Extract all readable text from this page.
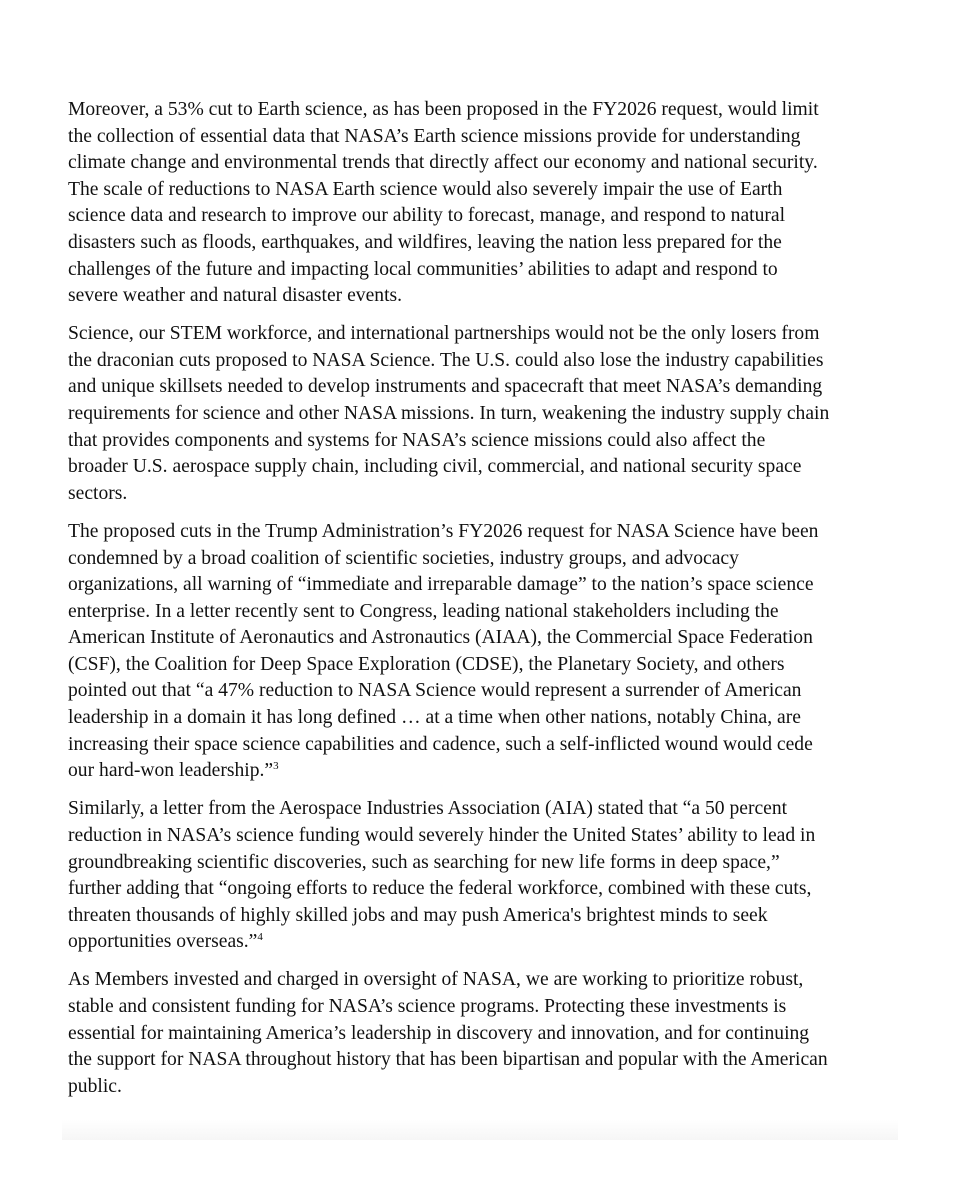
Moreover, a 53% cut to Earth science, as has been proposed in the FY2026 request, would limit
the collection of essential data that NASA’s Earth science missions provide for understanding
climate change and environmental trends that directly affect our economy and national security.
The scale of reductions to NASA Earth science would also severely impair the use of Earth
science data and research to improve our ability to forecast, manage, and respond to natural
disasters such as floods, earthquakes, and wildfires, leaving the nation less prepared for the
challenges of the future and impacting local communities’ abilities to adapt and respond to
severe weather and natural disaster events.

Science, our STEM workforce, and international partnerships would not be the only losers from
the draconian cuts proposed to NASA Science. The U.S. could also lose the industry capabilities
and unique skillsets needed to develop instruments and spacecraft that meet NASA’s demanding
requirements for science and other NASA missions. In turn, weakening the industry supply chain
that provides components and systems for NASA’s science missions could also affect the
broader U.S. aerospace supply chain, including civil, commercial, and national security space
sectors.

The proposed cuts in the Trump Administration’s FY2026 request for NASA Science have been
condemned by a broad coalition of scientific societies, industry groups, and advocacy
organizations, all warning of “immediate and irreparable damage” to the nation’s space science
enterprise. In a letter recently sent to Congress, leading national stakeholders including the
American Institute of Aeronautics and Astronautics (AIAA), the Commercial Space Federation
(CSF), the Coalition for Deep Space Exploration (CDSE), the Planetary Society, and others
pointed out that “a 47% reduction to NASA Science would represent a surrender of American
leadership in a domain it has long defined … at a time when other nations, notably China, are
increasing their space science capabilities and cadence, such a self-inflicted wound would cede
our hard-won leadership.”$^3$

Similarly, a letter from the Aerospace Industries Association (AIA) stated that “a 50 percent
reduction in NASA’s science funding would severely hinder the United States’ ability to lead in
groundbreaking scientific discoveries, such as searching for new life forms in deep space,”
further adding that “ongoing efforts to reduce the federal workforce, combined with these cuts,
threaten thousands of highly skilled jobs and may push America's brightest minds to seek
opportunities overseas.”$^4$

As Members invested and charged in oversight of NASA, we are working to prioritize robust,
stable and consistent funding for NASA’s science programs. Protecting these investments is
essential for maintaining America’s leadership in discovery and innovation, and for continuing
the support for NASA throughout history that has been bipartisan and popular with the American
public.
